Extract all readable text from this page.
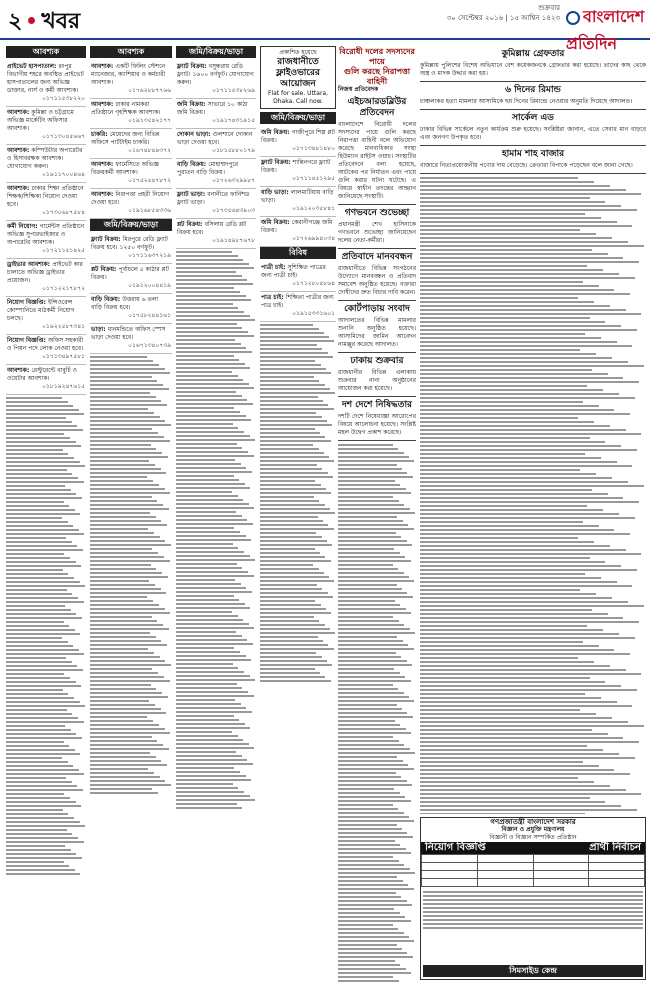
২ খবর	শুক্রবার
৩০ সেপ্টেম্বর ২০১৬ | ১৫ আশ্বিন ১৪২৩	বাংলাদেশ প্রতিদিন
আবশ্যক
প্রাইভেট হাসপাতাল: রংপুর বিভাগীয় শহরে অবস্থিত প্রাইভেট হাসপাতালের জন্য অভিজ্ঞ ডাক্তার, নার্স ও কর্মী আবশ্যক।
০১৭১১৫৩৮২২০
আবশ্যক: কুমিল্লা ও চট্টগ্রামে অভিজ্ঞ মার্কেটিং অফিসার আবশ্যক।
০১৭১৩০৪৫৬৬৭
আবশ্যক: কম্পিউটার অপারেটর ও হিসাবরক্ষক আবশ্যক। যোগাযোগ করুন।
০১৯১১৭০০৪৬৪
আবশ্যক: ঢাকার শিক্ষা প্রতিষ্ঠানে শিক্ষক/শিক্ষিকা নিয়োগ দেওয়া হবে।
০১৭৩০৬৮৭৫৮৪
কর্মী নিয়োগ: গার্মেন্টস প্রতিষ্ঠানে অভিজ্ঞ সুপারভাইজার ও অপারেটর আবশ্যক।
০১৭২১১৫১৪২৫
ড্রাইভার আবশ্যক: প্রাইভেট কার চালাতে অভিজ্ঞ ড্রাইভার প্রয়োজন।
০১৭১২২১৭৮৭২
নিয়োগ বিজ্ঞপ্তি: ইন্সিওরেন্স কোম্পানিতে মাঠকর্মী নিয়োগ চলছে।
০১৯২২৫৮৭৩৪১
নিয়োগ বিজ্ঞপ্তি: অফিস সহকারী ও পিয়ন পদে লোক নেওয়া হবে।
০১৭১৩৪৯৭৫৮১
আবশ্যক: রেস্টুরেন্টে বাবুর্চি ও ওয়েটার আবশ্যক।
০১৮১৯২৪৭৬১৫
আবশ্যক
আবশ্যক: একটি ফিলিং স্টেশনে ম্যানেজার, ক্যাশিয়ার ও কর্মচারী আবশ্যক।
০১৭৬২৮৮৭৭৬৬
আবশ্যক: ঢাকার নামকরা প্রতিষ্ঠানে গৃহশিক্ষক আবশ্যক।
০১৯১৩৫৪২১৭৭
চাকরি: মেয়েদের জন্য বিভিন্ন অফিসে পার্টটাইম চাকরি।
০১৬৭৪৮৪৯৩৭২
আবশ্যক: ফার্মেসিতে অভিজ্ঞ বিক্রয়কর্মী আবশ্যক।
০১৭৫২৫৪৭৮৭২
আবশ্যক: নিরাপত্তা প্রহরী নিয়োগ দেওয়া হবে।
০১৯১৬৮৫৪৩৩৬
জমি/বিক্রয়/ভাড়া
ফ্ল্যাট বিক্রয়: মিরপুরে রেডি ফ্ল্যাট বিক্রয় হবে। ১২৫০ বর্গফুট।
০১৭১১৬৩৭২১৯
প্লট বিক্রয়: পূর্বাচলে ৫ কাঠার প্লট বিক্রয়।
০১৯১২০০৪৪১৯
বাড়ি বিক্রয়: উত্তরায় ৬ তলা বাড়ি বিক্রয় হবে।
০১৭৫৮২৪৪১৬১
ভাড়া: ধানমন্ডিতে অফিস স্পেস ভাড়া দেওয়া হবে।
০১৬৭১৩৪০৭৩৯
জমি/বিক্রয়/ভাড়া
ফ্ল্যাট বিক্রয়: বসুন্ধরায় রেডি ফ্ল্যাট। ১৬০০ বর্গফুট। যোগাযোগ করুন।
০১৭১১৫৩৮২৬৯
জমি বিক্রয়: সাভারে ১০ কাঠা জমি বিক্রয়।
০১৯১৭৪৩১৯১৫
দোকান ভাড়া: গুলশানে দোকান ভাড়া দেওয়া হবে।
০১৮১৫৮৮০১৭৯
বাড়ি বিক্রয়: মোহাম্মদপুরে পুরাতন বাড়ি বিক্রয়।
০১৭২৬৩২৯৯৮৭
ফ্ল্যাট ভাড়া: বনানীতে ফার্নিশড ফ্ল্যাট ভাড়া।
০১৭৩৫৬৪৩৯০৩
প্লট বিক্রয়: বসিলায় রেডি প্লট বিক্রয় হবে।
০১৯১৪৯৮৭৬৭৮
প্রকাশিত হয়েছে
রাজধানীতে ফ্লাইওভারের আয়োজন
Flat for sale. Uttara, Dhaka. Call now.
জমি/বিক্রয়/ভাড়া
জমি বিক্রয়: গাজীপুরে শিল্প প্লট বিক্রয়।
০১৭১৩৪৮১৪৮০
ফ্ল্যাট বিক্রয়: শান্তিনগরে ফ্ল্যাট বিক্রয়।
০১৭১১৪৫১২৯৫
বাড়ি ভাড়া: লালমাটিয়ায় বাড়ি ভাড়া।
০১৯১২০৩৫৮৪১
জমি বিক্রয়: কেরানীগঞ্জে জমি বিক্রয়।
০১৭২৬৯৯৪০৩৪
বিবিধ
পাত্রী চাই: সুশিক্ষিত পাত্রের জন্য পাত্রী চাই।
০১৭১২৮০৪৮৬৪
পাত্র চাই: শিক্ষিতা পাত্রীর জন্য পাত্র চাই।
০১৯১৫৩৩১৬০১
বিরোধী দলের সদস্যদের পায়ে
গুলি করছে নিরাপত্তা বাহিনী
নিজস্ব প্রতিবেদক
এইচআরডব্লিউর প্রতিবেদন
বাংলাদেশে বিরোধী দলের সদস্যদের পায়ে গুলি করছে নিরাপত্তা বাহিনী বলে অভিযোগ করেছে মানবাধিকার সংস্থা হিউম্যান রাইটস ওয়াচ। সংস্থাটির প্রতিবেদনে বলা হয়েছে, আটকের পর নির্যাতন এবং পায়ে গুলি করার ঘটনা ঘটেছে। এ বিষয়ে স্বাধীন তদন্তের আহ্বান জানিয়েছে সংস্থাটি।
গণভবনে শুভেচ্ছা
প্রধানমন্ত্রী শেখ হাসিনাকে গণভবনে শুভেচ্ছা জানিয়েছেন দলের নেতা-কর্মীরা।
প্রতিবাদে মানববন্ধন
রাজধানীতে বিভিন্ন সংগঠনের উদ্যোগে মানববন্ধন ও প্রতিবাদ সমাবেশ অনুষ্ঠিত হয়েছে। বক্তারা দোষীদের দ্রুত বিচার দাবি করেন।
কোর্টপাড়ায় সংবাদ
আদালতের বিভিন্ন মামলার শুনানি অনুষ্ঠিত হয়েছে। আসামিদের জামিন আবেদন নামঞ্জুর করেছে আদালত।
ঢাকায় শুক্রবার
রাজধানীর বিভিন্ন এলাকায় শুক্রবার নানা অনুষ্ঠানের আয়োজন করা হয়েছে।
দশ দেশে নিষিদ্ধতার
দশটি দেশে নিষেধাজ্ঞা আরোপের বিষয়ে আলোচনা হয়েছে। সংশ্লিষ্ট মহল উদ্বেগ প্রকাশ করেছে।
কুমিল্লায় গ্রেফতার
কুমিল্লায় পুলিশের বিশেষ অভিযানে বেশ কয়েকজনকে গ্রেফতার করা হয়েছে। তাদের কাছ থেকে অস্ত্র ও মাদক উদ্ধার করা হয়।
৬ দিনের রিমান্ড
চাঞ্চল্যকর হত্যা মামলার আসামিকে ছয় দিনের রিমান্ডে নেওয়ার অনুমতি দিয়েছে আদালত।
সার্কেল এড
ঢাকার বিভিন্ন সার্কেলে নতুন কার্যক্রম শুরু হয়েছে। সংশ্লিষ্টরা জানান, এতে সেবার মান বাড়বে এবং জনগণ উপকৃত হবে।
হামাম শাহ বাজার
বাজারে নিত্যপ্রয়োজনীয় পণ্যের দাম বেড়েছে। ক্রেতারা বিপাকে পড়েছেন বলে জানা গেছে।
গণপ্রজাতন্ত্রী বাংলাদেশ সরকার
বিজ্ঞান ও প্রযুক্তি মন্ত্রণালয়
বিজ্ঞানী ও বিজ্ঞান সম্পর্কিত প্রতিষ্ঠান
নিয়োগ বিজ্ঞপ্তি	প্রার্থী নির্বাচন

সিমসাইড কেন্দ্র
